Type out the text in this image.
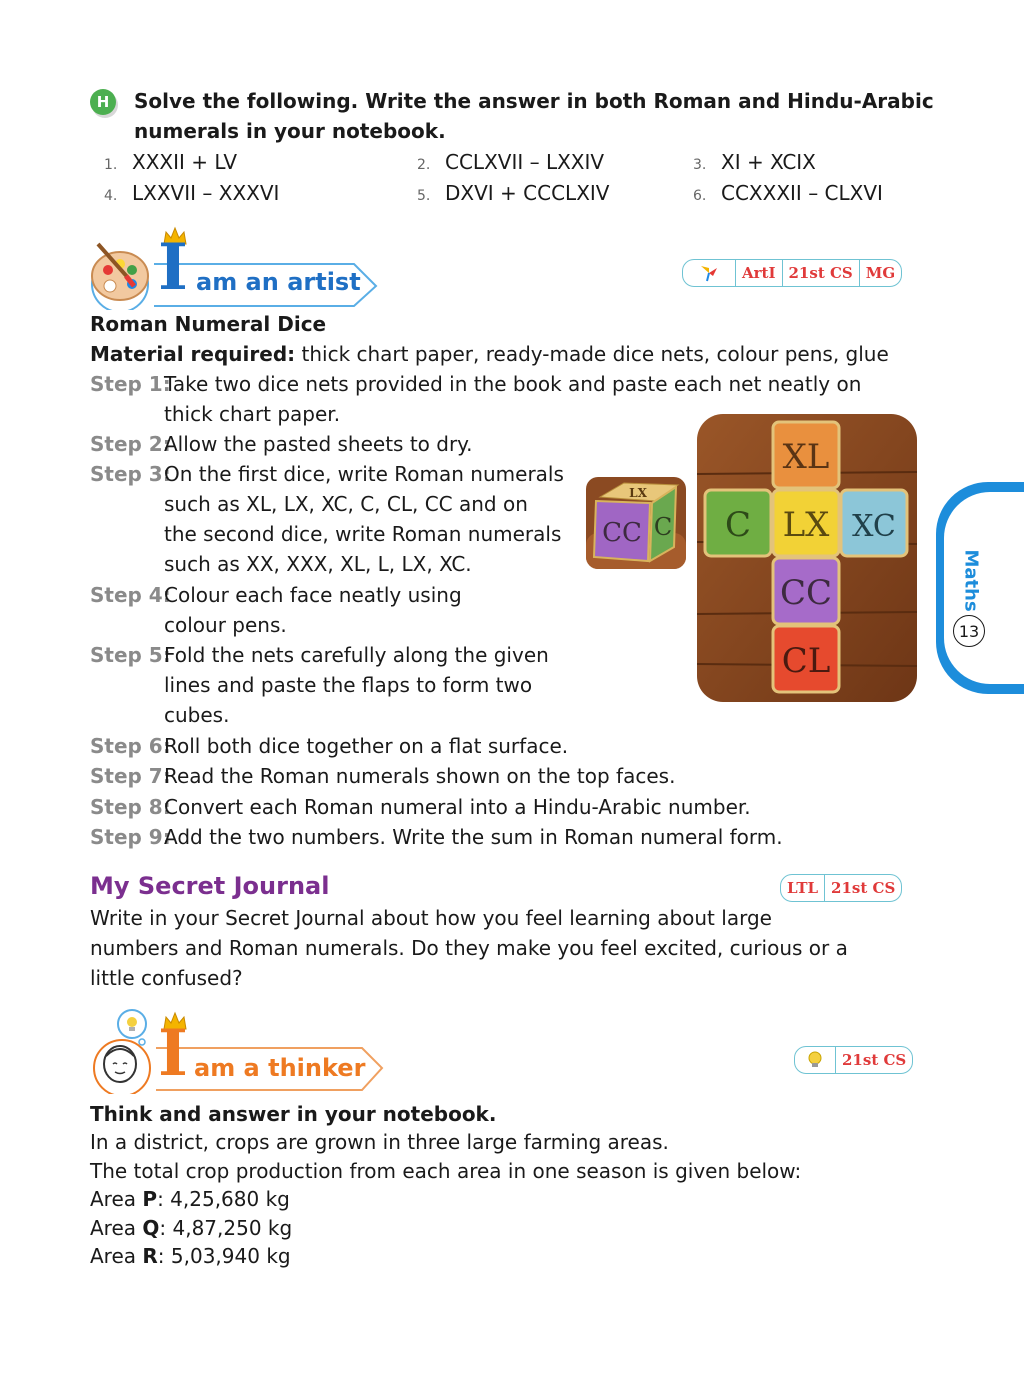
H	Solve the following. Write the answer in both Roman and Hindu-Arabic
numerals in your notebook.
1. XXXII + LV	2. CCLXVII – LXXIV	3. XI + XCIX
4. LXXVII – XXXVI	5. DXVI + CCCLXIV	6. CCXXXII – CLXVI
I am an artist	ArtI 21st CS MG
Roman Numeral Dice
Material required: thick chart paper, ready-made dice nets, colour pens, glue
Step 1:Take two dice nets provided in the book and paste each net neatly on
thick chart paper.
Step 2:Allow the pasted sheets to dry.
Step 3:On the first dice, write Roman numerals
such as XL, LX, XC, C, CL, CC and on
the second dice, write Roman numerals
such as XX, XXX, XL, L, LX, XC.
Step 4:Colour each face neatly using
colour pens.
Step 5:Fold the nets carefully along the given
lines and paste the flaps to form two
cubes.
Step 6:Roll both dice together on a flat surface.
Step 7:Read the Roman numerals shown on the top faces.
Step 8:Convert each Roman numeral into a Hindu-Arabic number.
Step 9:Add the two numbers. Write the sum in Roman numeral form.
LX
CC C
XL
C LX XC
CC
CL
Maths
13
My Secret Journal	LTL 21st CS
Write in your Secret Journal about how you feel learning about large
numbers and Roman numerals. Do they make you feel excited, curious or a
little confused?
I am a thinker	21st CS
Think and answer in your notebook.
In a district, crops are grown in three large farming areas.
The total crop production from each area in one season is given below:
Area P: 4,25,680 kg
Area Q: 4,87,250 kg
Area R: 5,03,940 kg
